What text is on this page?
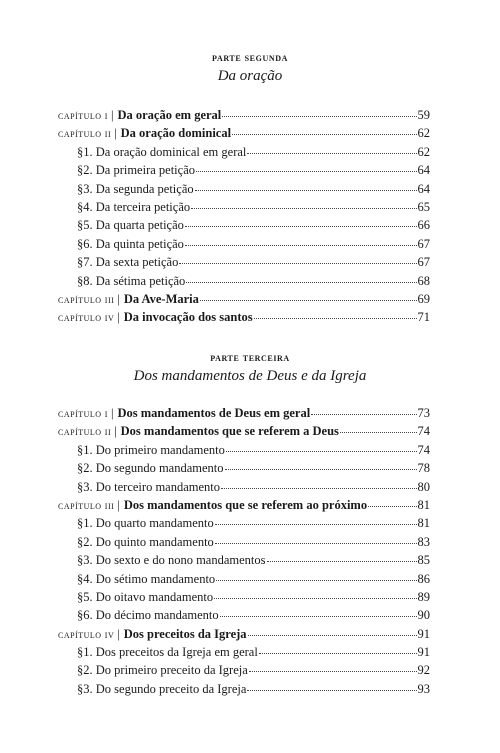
parte segunda
Da oração
capítulo i | Da oração em geral	59
capítulo ii | Da oração dominical	62
§1. Da oração dominical em geral	62
§2. Da primeira petição	64
§3. Da segunda petição	64
§4. Da terceira petição	65
§5. Da quarta petição	66
§6. Da quinta petição	67
§7. Da sexta petição	67
§8. Da sétima petição	68
capítulo iii | Da Ave-Maria	69
capítulo iv | Da invocação dos santos	71
parte terceira
Dos mandamentos de Deus e da Igreja
capítulo i | Dos mandamentos de Deus em geral	73
capítulo ii | Dos mandamentos que se referem a Deus	74
§1. Do primeiro mandamento	74
§2. Do segundo mandamento	78
§3. Do terceiro mandamento	80
capítulo iii | Dos mandamentos que se referem ao próximo	81
§1. Do quarto mandamento	81
§2. Do quinto mandamento	83
§3. Do sexto e do nono mandamentos	85
§4. Do sétimo mandamento	86
§5. Do oitavo mandamento	89
§6. Do décimo mandamento	90
capítulo iv | Dos preceitos da Igreja	91
§1. Dos preceitos da Igreja em geral	91
§2. Do primeiro preceito da Igreja	92
§3. Do segundo preceito da Igreja	93
